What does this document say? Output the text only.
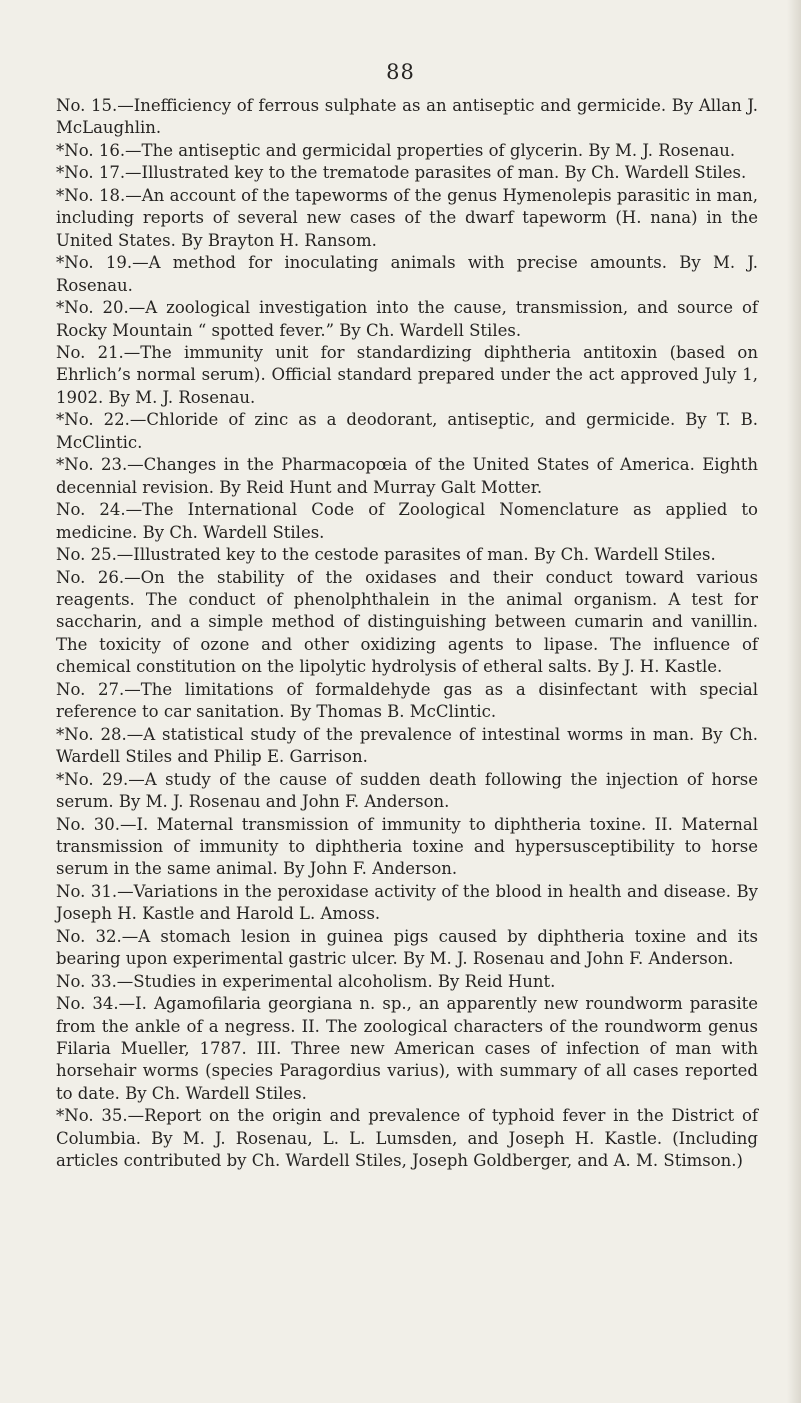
88

No. 15.—Inefficiency of ferrous sulphate as an antiseptic and germicide. By Allan J. McLaughlin.

*No. 16.—The antiseptic and germicidal properties of glycerin. By M. J. Rosenau.

*No. 17.—Illustrated key to the trematode parasites of man. By Ch. Wardell Stiles.

*No. 18.—An account of the tapeworms of the genus Hymenolepis parasitic in man, including reports of several new cases of the dwarf tapeworm (H. nana) in the United States. By Brayton H. Ransom.

*No. 19.—A method for inoculating animals with precise amounts. By M. J. Rosenau.

*No. 20.—A zoological investigation into the cause, transmission, and source of Rocky Mountain “ spotted fever.” By Ch. Wardell Stiles.

No. 21.—The immunity unit for standardizing diphtheria antitoxin (based on Ehrlich’s normal serum). Official standard prepared under the act approved July 1, 1902. By M. J. Rosenau.

*No. 22.—Chloride of zinc as a deodorant, antiseptic, and germicide. By T. B. McClintic.

*No. 23.—Changes in the Pharmacopœia of the United States of America. Eighth decennial revision. By Reid Hunt and Murray Galt Motter.

No. 24.—The International Code of Zoological Nomenclature as applied to medicine. By Ch. Wardell Stiles.

No. 25.—Illustrated key to the cestode parasites of man. By Ch. Wardell Stiles.

No. 26.—On the stability of the oxidases and their conduct toward various reagents. The conduct of phenolphthalein in the animal organism. A test for saccharin, and a simple method of distinguishing between cumarin and vanillin. The toxicity of ozone and other oxidizing agents to lipase. The influence of chemical constitution on the lipolytic hydrolysis of etheral salts. By J. H. Kastle.

No. 27.—The limitations of formaldehyde gas as a disinfectant with special reference to car sanitation. By Thomas B. McClintic.

*No. 28.—A statistical study of the prevalence of intestinal worms in man. By Ch. Wardell Stiles and Philip E. Garrison.

*No. 29.—A study of the cause of sudden death following the injection of horse serum. By M. J. Rosenau and John F. Anderson.

No. 30.—I. Maternal transmission of immunity to diphtheria toxine. II. Maternal transmission of immunity to diphtheria toxine and hypersusceptibility to horse serum in the same animal. By John F. Anderson.

No. 31.—Variations in the peroxidase activity of the blood in health and disease. By Joseph H. Kastle and Harold L. Amoss.

No. 32.—A stomach lesion in guinea pigs caused by diphtheria toxine and its bearing upon experimental gastric ulcer. By M. J. Rosenau and John F. Anderson.

No. 33.—Studies in experimental alcoholism. By Reid Hunt.

No. 34.—I. Agamofilaria georgiana n. sp., an apparently new roundworm parasite from the ankle of a negress. II. The zoological characters of the roundworm genus Filaria Mueller, 1787. III. Three new American cases of infection of man with horsehair worms (species Paragordius varius), with summary of all cases reported to date. By Ch. Wardell Stiles.

*No. 35.—Report on the origin and prevalence of typhoid fever in the District of Columbia. By M. J. Rosenau, L. L. Lumsden, and Joseph H. Kastle. (Including articles contributed by Ch. Wardell Stiles, Joseph Goldberger, and A. M. Stimson.)
